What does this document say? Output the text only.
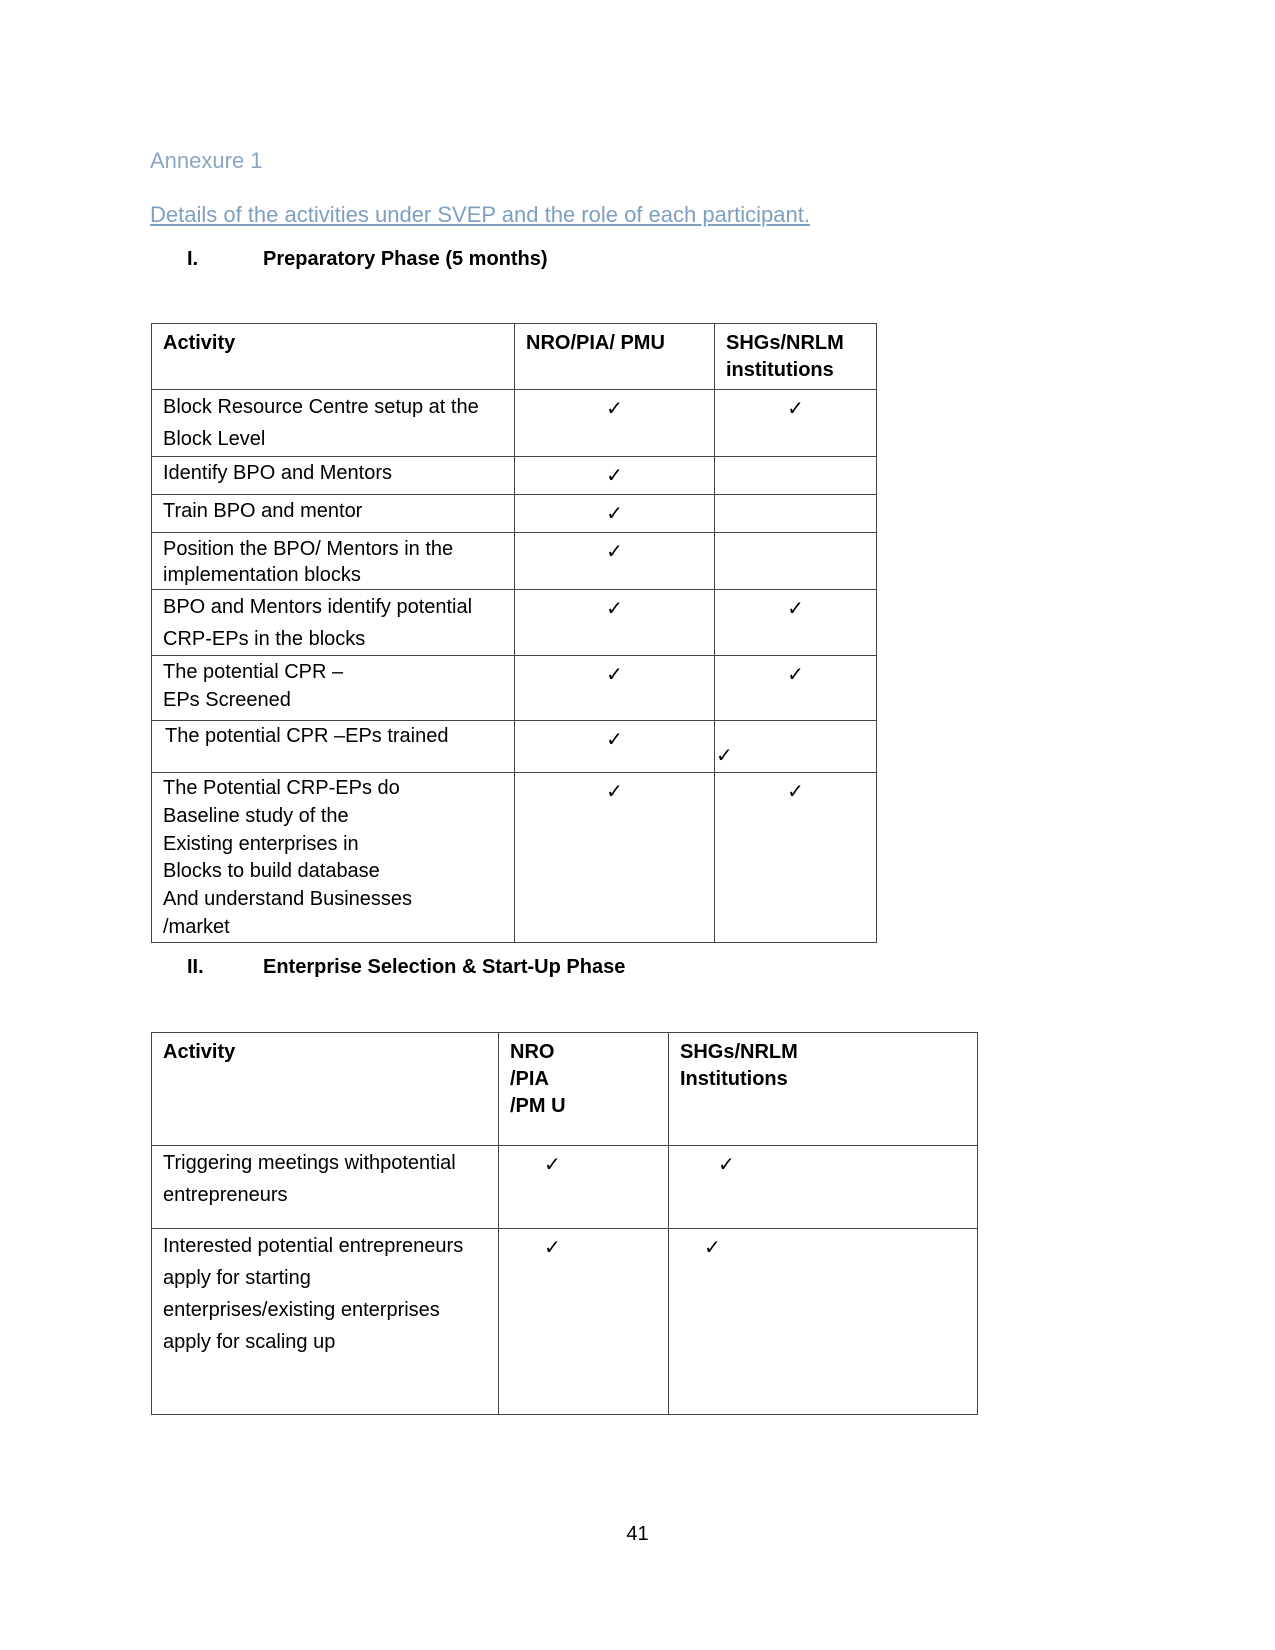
Annexure 1

Details of the activities under SVEP and the role of each participant.

I.	Preparatory Phase (5 months)
Activity	NRO/PIA/ PMU	SHGs/NRLM institutions
Block Resource Centre setup at the Block Level	✓	✓
Identify BPO and Mentors	✓	
Train BPO and mentor	✓	
Position the BPO/ Mentors in the implementation blocks	✓	
BPO and Mentors identify potential CRP-EPs in the blocks	✓	✓
The potential CPR –EPs Screened	✓	✓
The potential CPR –EPs trained	✓	✓
The Potential CRP-EPs do Baseline study of the Existing enterprises in Blocks to build database And understand Businesses /market	✓	✓
II.	Enterprise Selection & Start-Up Phase
Activity	NRO /PIA /PM U	SHGs/NRLM Institutions
Triggering meetings withpotential entrepreneurs	✓	✓
Interested potential entrepreneurs apply for starting enterprises/existing enterprises apply for scaling up	✓	✓
41
